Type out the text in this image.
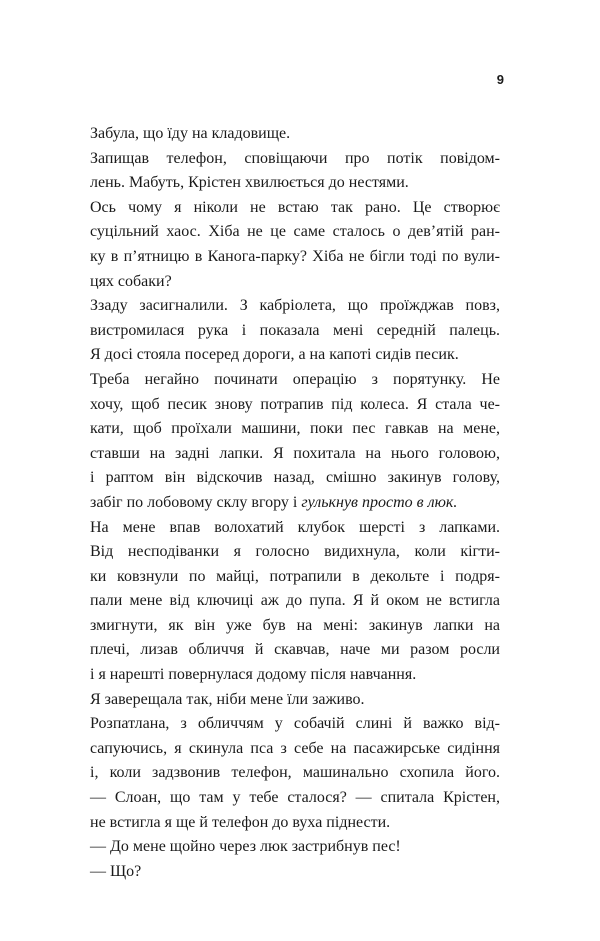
9
Забула, що їду на кладовище.
Запищав телефон, сповіщаючи про потік повідом-
лень. Мабуть, Крістен хвилюється до нестями.
Ось чому я ніколи не встаю так рано. Це створює
суцільний хаос. Хіба не це саме сталось о дев’ятій ран-
ку в п’ятницю в Канога-парку? Хіба не бігли тоді по вули-
цях собаки?
Ззаду засигналили. З кабріолета, що проїжджав повз,
вистромилася рука і показала мені середній палець.
Я досі стояла посеред дороги, а на капоті сидів песик.
Треба негайно починати операцію з порятунку. Не
хочу, щоб песик знову потрапив під колеса. Я стала че-
кати, щоб проїхали машини, поки пес гавкав на мене,
ставши на задні лапки. Я похитала на нього головою,
і раптом він відскочив назад, смішно закинув голову,
забіг по лобовому склу вгору і гулькнув просто в люк.
На мене впав волохатий клубок шерсті з лапками.
Від несподіванки я голосно видихнула, коли кігти-
ки ковзнули по майці, потрапили в декольте і подря-
пали мене від ключиці аж до пупа. Я й оком не встигла
змигнути, як він уже був на мені: закинув лапки на
плечі, лизав обличчя й скавчав, наче ми разом росли
і я нарешті повернулася додому після навчання.
Я заверещала так, ніби мене їли заживо.
Розпатлана, з обличчям у собачій слині й важко від-
сапуючись, я скинула пса з себе на пасажирське сидіння
і, коли задзвонив телефон, машинально схопила його.
— Слоан, що там у тебе сталося? — спитала Крістен,
не встигла я ще й телефон до вуха піднести.
— До мене щойно через люк застрибнув пес!
— Що?
